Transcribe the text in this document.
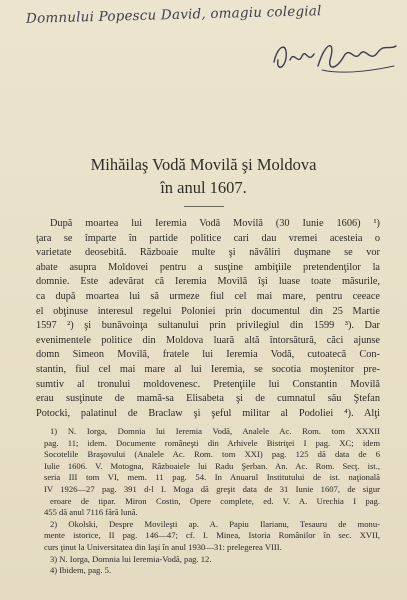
Domnului Popescu David, omagiu colegial
Mihăilaş Vodă Movilă şi Moldova
în anul 1607.
După moartea lui Ieremia Vodă Movilă (30 Iunie 1606) ¹)
ţara se împarte în partide politice cari dau vremei acesteia o
varietate deosebită. Războaie multe şi năvăliri duşmane se vor
abate asupra Moldovei pentru a susţine ambiţiile pretendenţilor la
domnie. Este adevărat că Ieremia Movilă îşi luase toate măsurile,
ca după moartea lui să urmeze fiul cel mai mare, pentru ceeace
el obţinuse interesul regelui Poloniei prin documentul din 25 Martie
1597 ²) şi bunăvoinţa sultanului prin privilegiul din 1599 ³). Dar
evenimentele politice din Moldova luară altă întorsătură, căci ajunse
domn Simeon Movilă, fratele lui Ieremia Vodă, cutoatecă Con-
stantin, fiul cel mai mare al lui Ieremia, se socotia moştenitor pre-
sumtiv al tronului moldovenesc. Pretenţiile lui Constantin Movilă
erau susţinute de mamă-sa Elisabeta şi de cumnatul său Ştefan
Potocki, palatinul de Braclaw şi şeful militar al Podoliei ⁴). Alţi
1) N. Iorga, Domnia lui Ieremia Vodă, Analele Ac. Rom. tom XXXII
pag. 11; idem. Documente româneşti din Arhivele Bistriţei I pag. XC; idem
Socotelile Braşovului (Analele Ac. Rom. tom XXI) pag. 125 dă data de 6
Iulie 1606. V. Motogna, Războaiele lui Radu Şerban. An. Ac. Rom. Secţ. ist.,
seria III tom VI, mem. 11 pag. 54. In Anuarul Institutului de ist. naţională
IV 1926—27 pag. 391 d-l I. Moga dă greşit data de 31 Iunie 1607, de sigur
eroare de tipar. Miron Costin, Opere complete, ed. V. A. Urechia I pag.
455 dă anul 7116 fără lună.
2) Okolski, Despre Movileşti ap. A. Papiu Ilarianu, Tesauru de monu-
mente istorice, II pag. 146—47; cf. I. Minea, Istoria Românilor în sec. XVII,
curs ţinut la Universitatea din Iaşi în anul 1930—31: prelegerea VIII.
3) N. Iorga, Domnia lui Ieremia-Vodă, pag. 12.
4) Ibidem, pag. 5.
